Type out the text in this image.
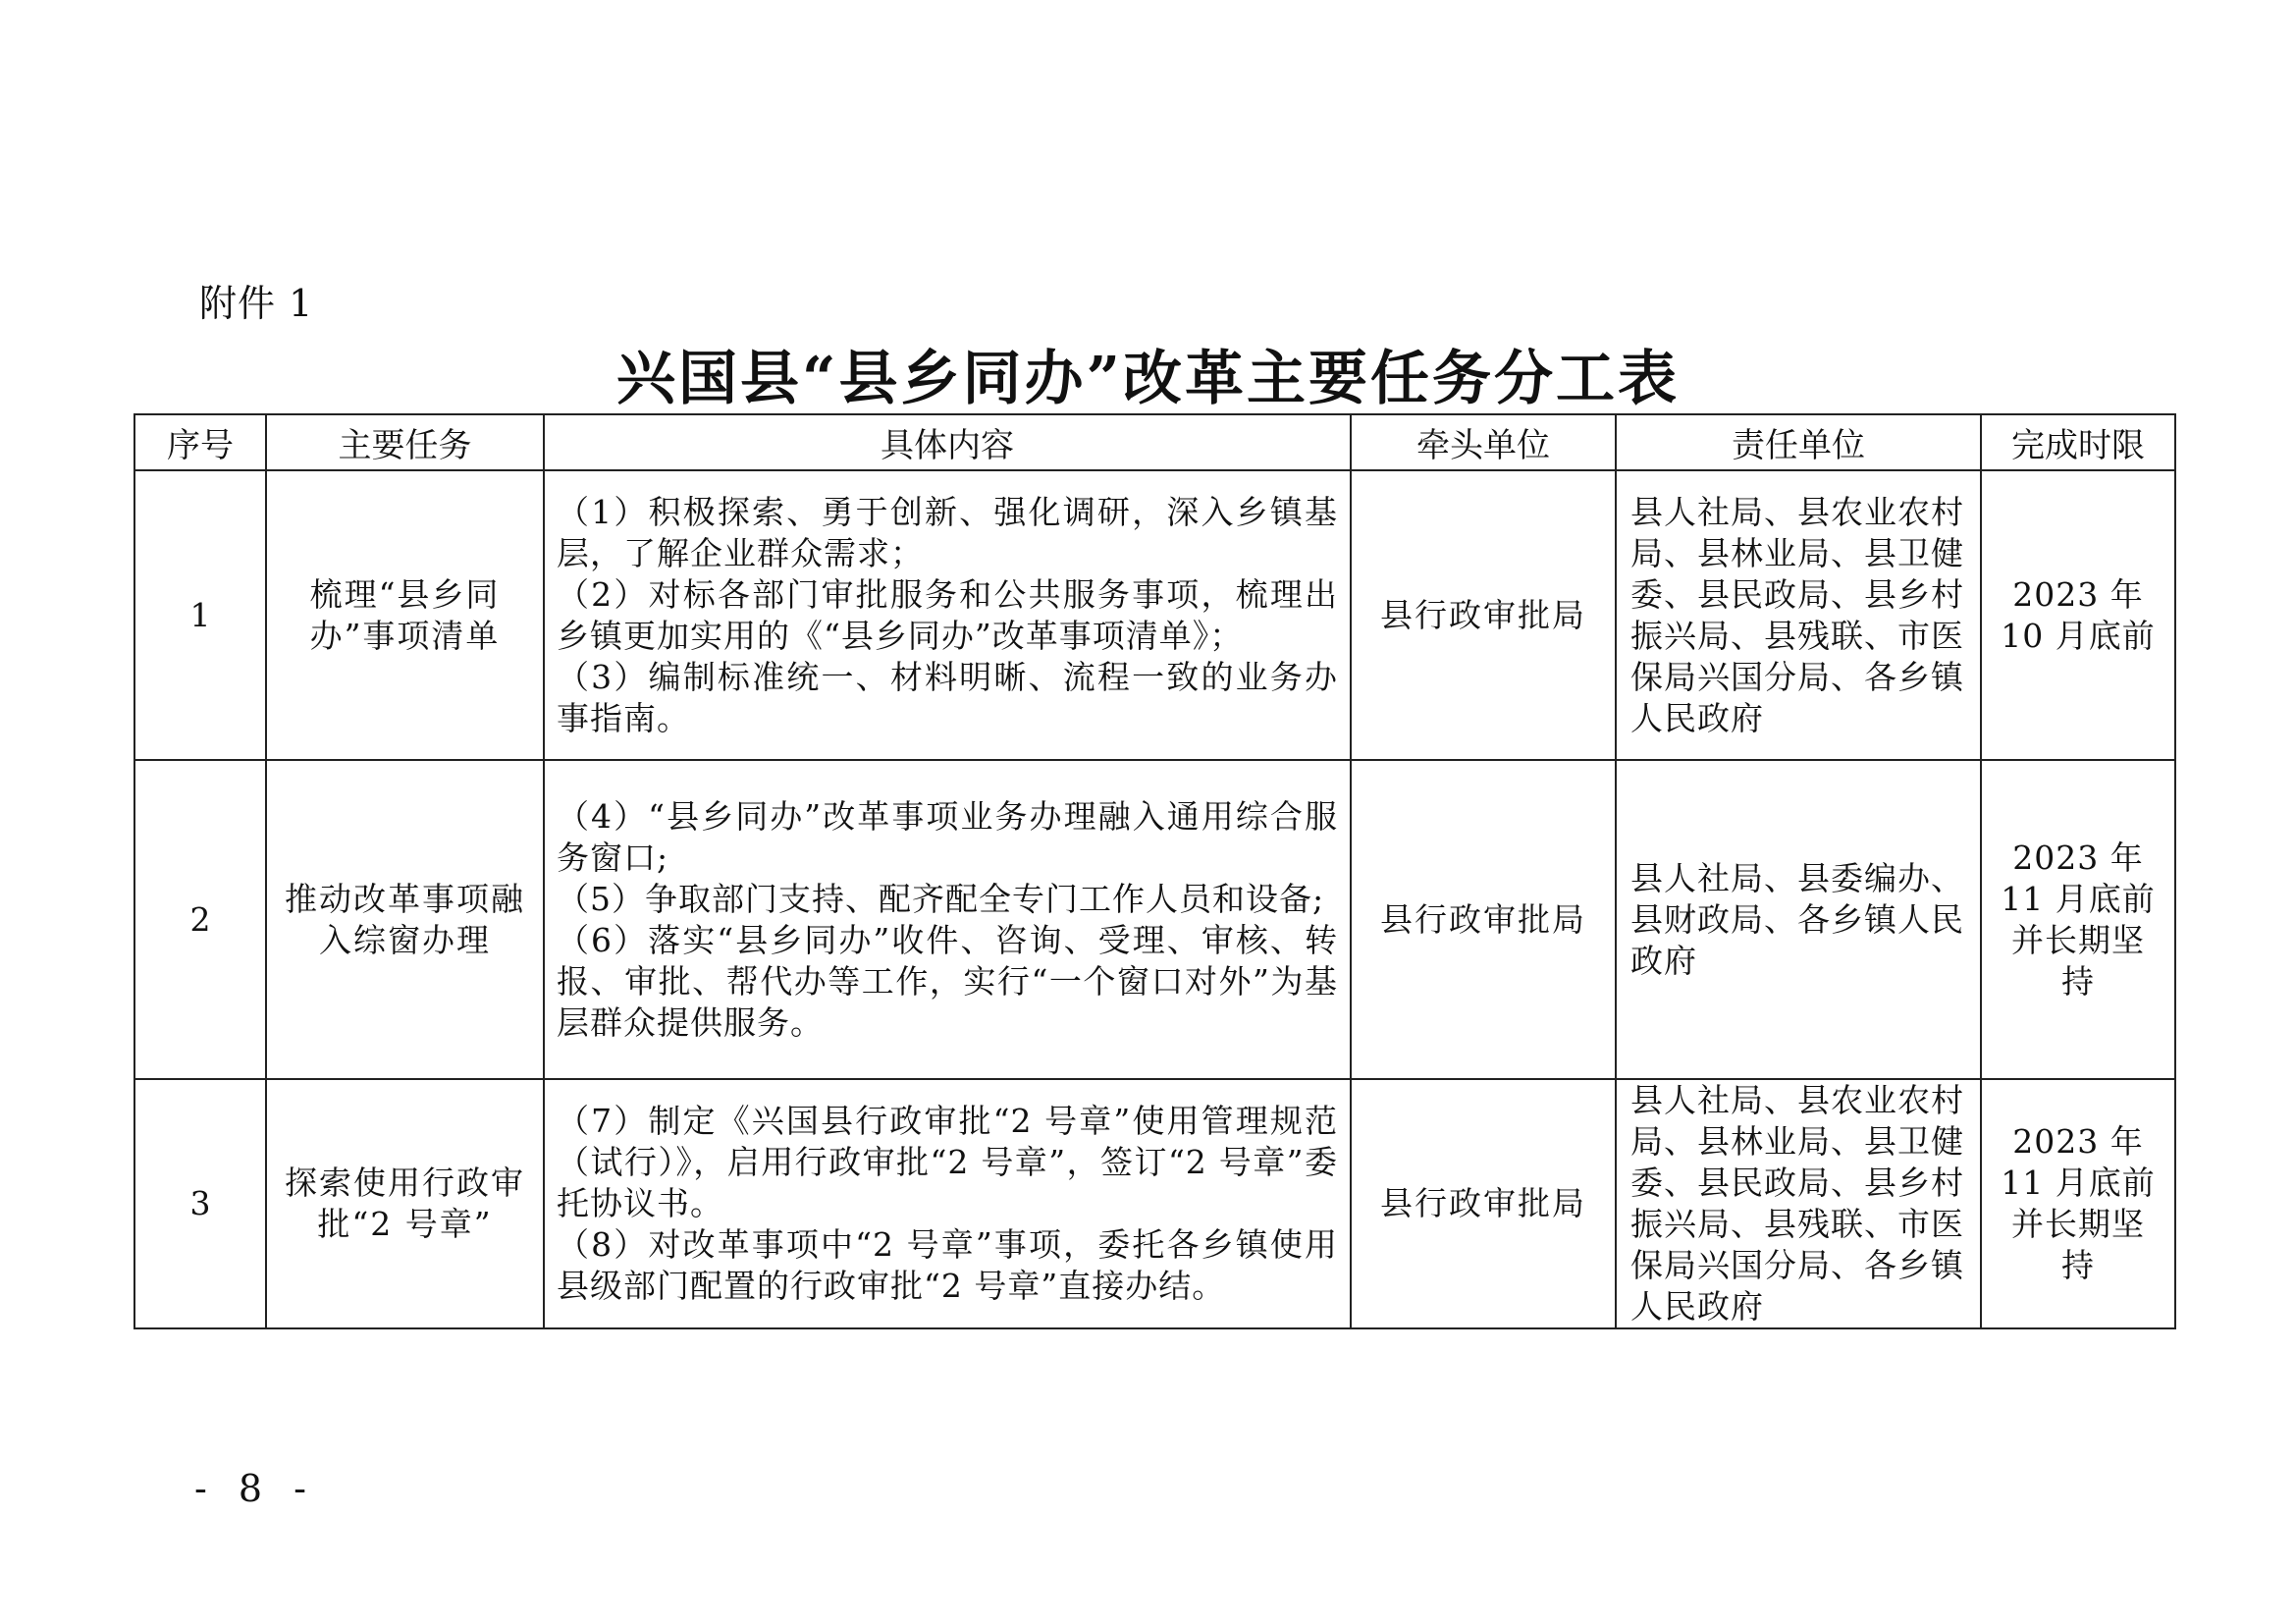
附件 1
兴国县“县乡同办”改革主要任务分工表
序号	主要任务	具体内容	牵头单位	责任单位	完成时限
1	梳理“县乡同办”事项清单	（1）积极探索、勇于创新、强化调研，深入乡镇基层，了解企业群众需求；
（2）对标各部门审批服务和公共服务事项，梳理出乡镇更加实用的《“县乡同办”改革事项清单》；
（3）编制标准统一、材料明晰、流程一致的业务办事指南。	县行政审批局	县人社局、县农业农村局、县林业局、县卫健委、县民政局、县乡村振兴局、县残联、市医保局兴国分局、各乡镇人民政府	2023 年 10 月底前
2	推动改革事项融入综窗办理	（4）“县乡同办”改革事项业务办理融入通用综合服务窗口;
（5）争取部门支持、配齐配全专门工作人员和设备;
（6）落实“县乡同办”收件、咨询、受理、审核、转报、审批、帮代办等工作，实行“一个窗口对外”为基层群众提供服务。	县行政审批局	县人社局、县委编办、县财政局、各乡镇人民政府	2023 年 11 月底前并长期坚持
3	探索使用行政审批“2 号章”	（7）制定《兴国县行政审批“2 号章”使用管理规范（试行）》，启用行政审批“2 号章”，签订“2 号章”委托协议书。
（8）对改革事项中“2 号章”事项，委托各乡镇使用县级部门配置的行政审批“2 号章”直接办结。	县行政审批局	县人社局、县农业农村局、县林业局、县卫健委、县民政局、县乡村振兴局、县残联、市医保局兴国分局、各乡镇人民政府	2023 年 11 月底前并长期坚持
- 8 -
